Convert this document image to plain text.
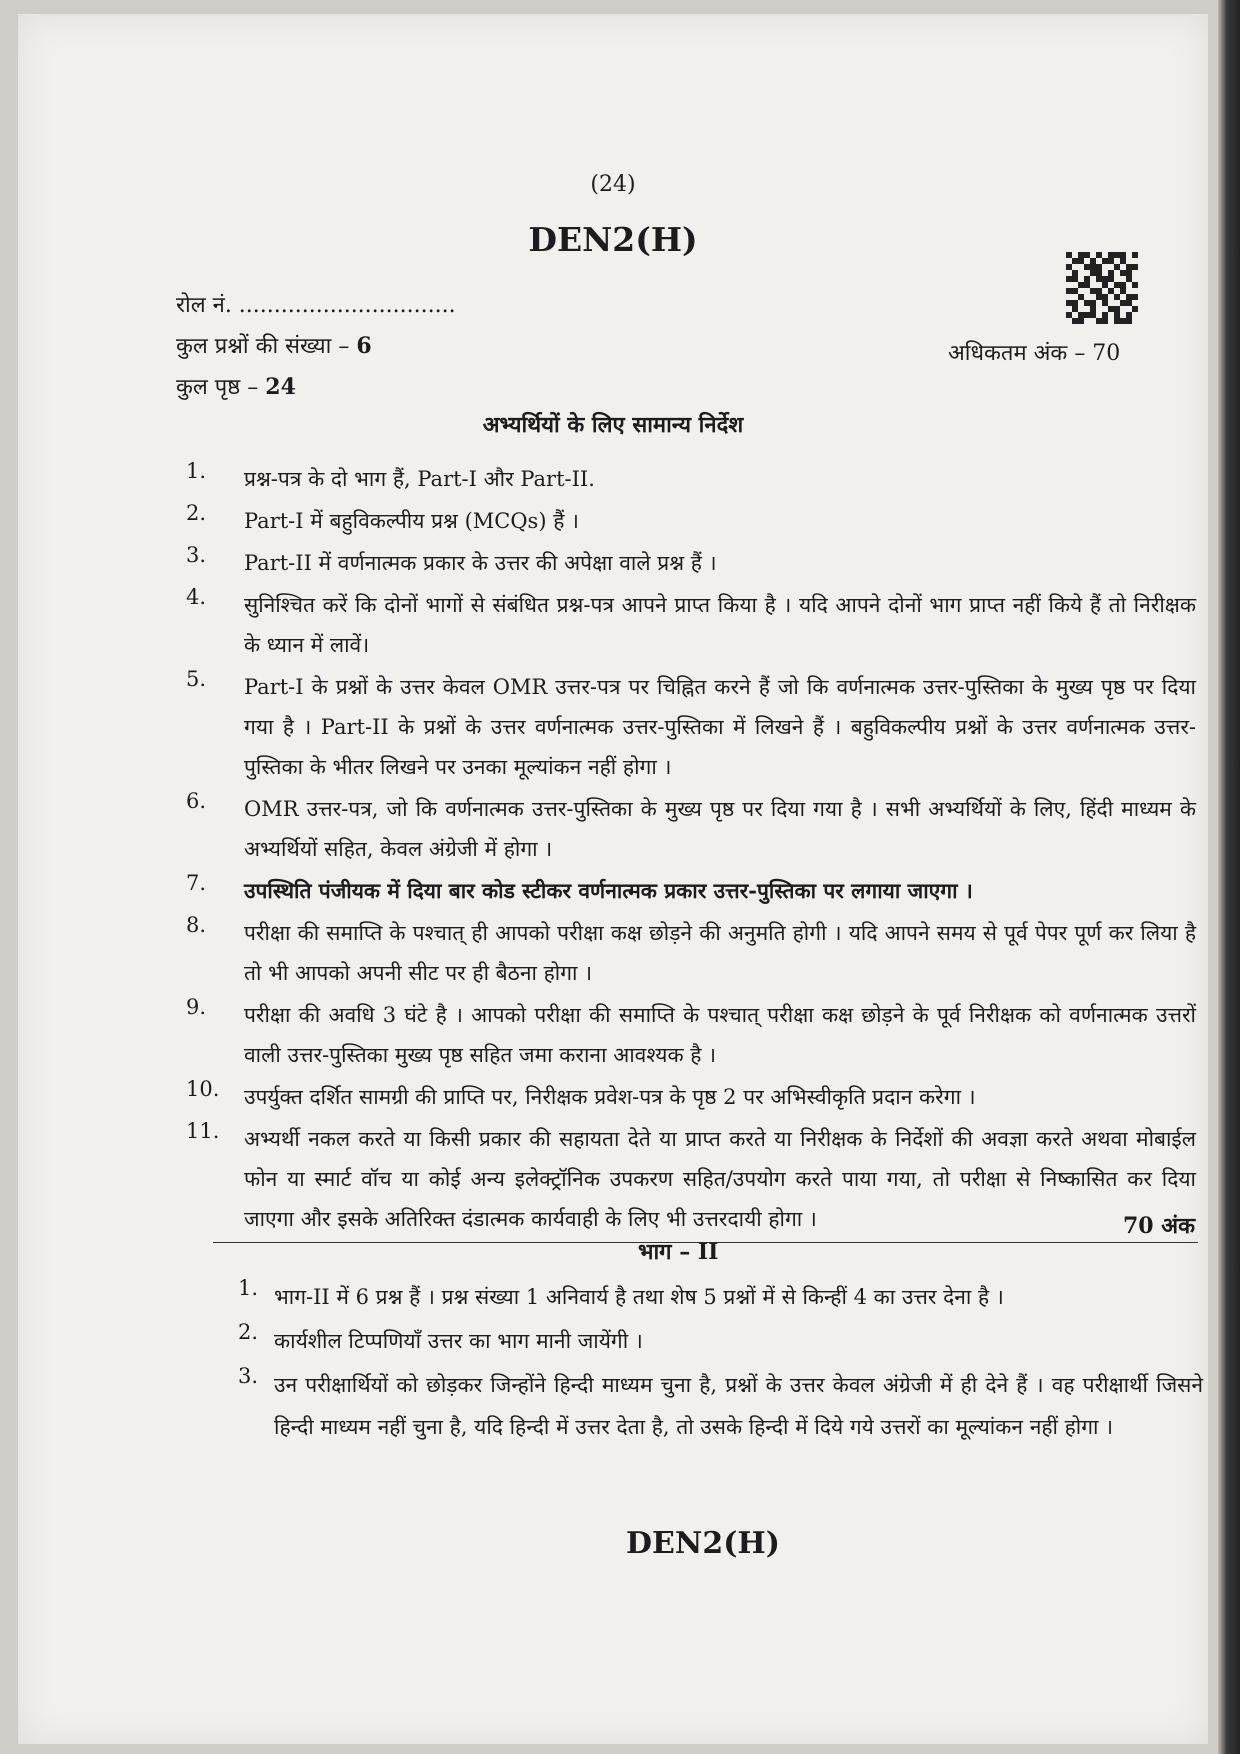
(24)
DEN2(H)
रोल नं. ...............................
कुल प्रश्नों की संख्या – 6
कुल पृष्ठ – 24
अधिकतम अंक – 70
अभ्यर्थियों के लिए सामान्य निर्देश
1.	प्रश्न-पत्र के दो भाग हैं, Part-I और Part-II.
2.	Part-I में बहुविकल्पीय प्रश्न (MCQs) हैं ।
3.	Part-II में वर्णनात्मक प्रकार के उत्तर की अपेक्षा वाले प्रश्न हैं ।
4.	सुनिश्चित करें कि दोनों भागों से संबंधित प्रश्न-पत्र आपने प्राप्त किया है । यदि आपने दोनों भाग प्राप्त नहीं किये हैं तो निरीक्षक के ध्यान में लावें।
5.	Part-I के प्रश्नों के उत्तर केवल OMR उत्तर-पत्र पर चिह्नित करने हैं जो कि वर्णनात्मक उत्तर-पुस्तिका के मुख्य पृष्ठ पर दिया गया है । Part-II के प्रश्नों के उत्तर वर्णनात्मक उत्तर-पुस्तिका में लिखने हैं । बहुविकल्पीय प्रश्नों के उत्तर वर्णनात्मक उत्तर-पुस्तिका के भीतर लिखने पर उनका मूल्यांकन नहीं होगा ।
6.	OMR उत्तर-पत्र, जो कि वर्णनात्मक उत्तर-पुस्तिका के मुख्य पृष्ठ पर दिया गया है । सभी अभ्यर्थियों के लिए, हिंदी माध्यम के अभ्यर्थियों सहित, केवल अंग्रेजी में होगा ।
7.	उपस्थिति पंजीयक में दिया बार कोड स्टीकर वर्णनात्मक प्रकार उत्तर-पुस्तिका पर लगाया जाएगा ।
8.	परीक्षा की समाप्ति के पश्चात् ही आपको परीक्षा कक्ष छोड़ने की अनुमति होगी । यदि आपने समय से पूर्व पेपर पूर्ण कर लिया है तो भी आपको अपनी सीट पर ही बैठना होगा ।
9.	परीक्षा की अवधि 3 घंटे है । आपको परीक्षा की समाप्ति के पश्चात् परीक्षा कक्ष छोड़ने के पूर्व निरीक्षक को वर्णनात्मक उत्तरों वाली उत्तर-पुस्तिका मुख्य पृष्ठ सहित जमा कराना आवश्यक है ।
10.	उपर्युक्त दर्शित सामग्री की प्राप्ति पर, निरीक्षक प्रवेश-पत्र के पृष्ठ 2 पर अभिस्वीकृति प्रदान करेगा ।
11.	अभ्यर्थी नकल करते या किसी प्रकार की सहायता देते या प्राप्त करते या निरीक्षक के निर्देशों की अवज्ञा करते अथवा मोबाईल फोन या स्मार्ट वॉच या कोई अन्य इलेक्ट्रॉनिक उपकरण सहित/उपयोग करते पाया गया, तो परीक्षा से निष्कासित कर दिया जाएगा और इसके अतिरिक्त दंडात्मक कार्यवाही के लिए भी उत्तरदायी होगा ।	70 अंक
भाग – II
1. भाग-II में 6 प्रश्न हैं । प्रश्न संख्या 1 अनिवार्य है तथा शेष 5 प्रश्नों में से किन्हीं 4 का उत्तर देना है ।
2. कार्यशील टिप्पणियाँ उत्तर का भाग मानी जायेंगी ।
3. उन परीक्षार्थियों को छोड़कर जिन्होंने हिन्दी माध्यम चुना है, प्रश्नों के उत्तर केवल अंग्रेजी में ही देने हैं । वह परीक्षार्थी जिसने हिन्दी माध्यम नहीं चुना है, यदि हिन्दी में उत्तर देता है, तो उसके हिन्दी में दिये गये उत्तरों का मूल्यांकन नहीं होगा ।
DEN2(H)
